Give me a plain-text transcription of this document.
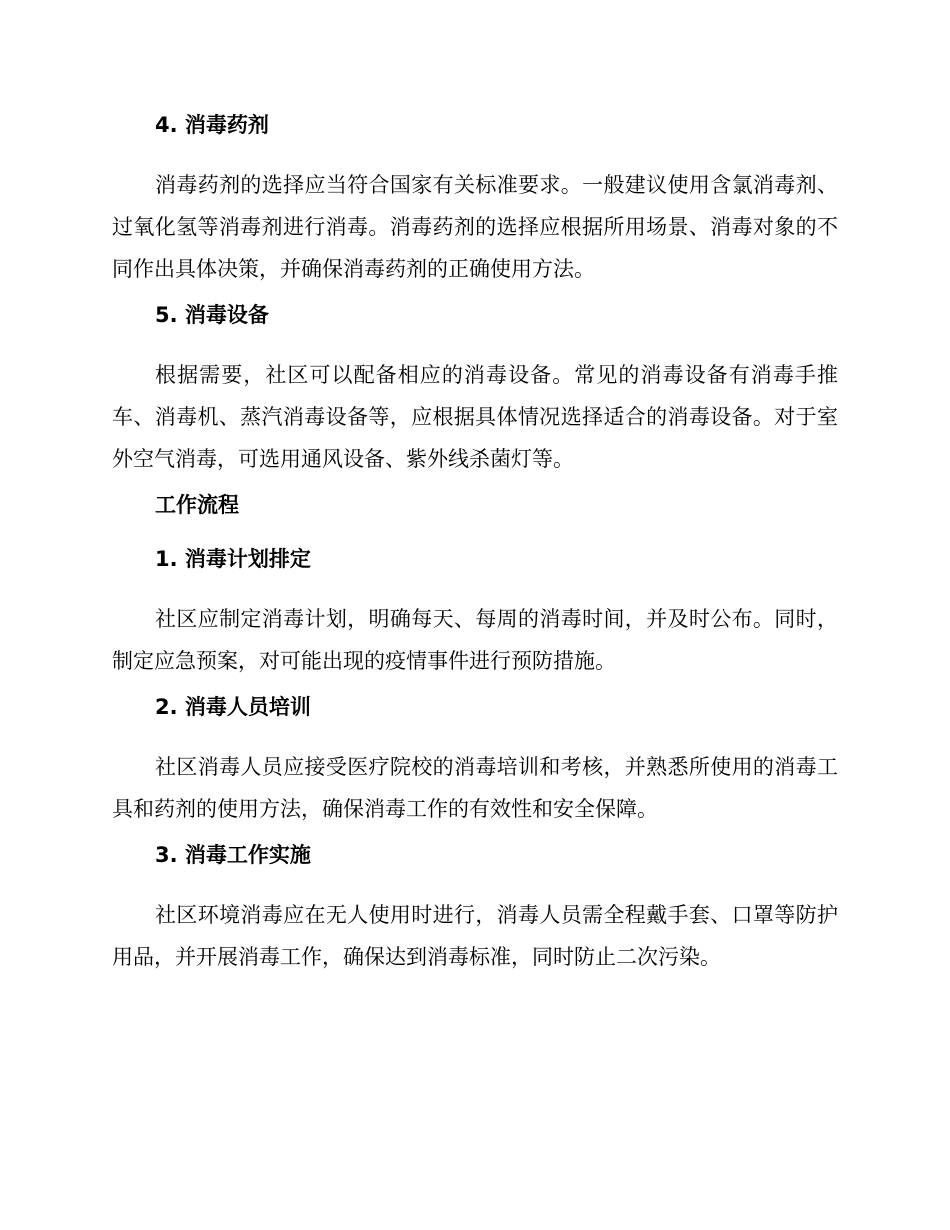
4. 消毒药剂
消毒药剂的选择应当符合国家有关标准要求。一般建议使用含氯消毒剂、过氧化氢等消毒剂进行消毒。消毒药剂的选择应根据所用场景、消毒对象的不同作出具体决策，并确保消毒药剂的正确使用方法。
5. 消毒设备
根据需要，社区可以配备相应的消毒设备。常见的消毒设备有消毒手推车、消毒机、蒸汽消毒设备等，应根据具体情况选择适合的消毒设备。对于室外空气消毒，可选用通风设备、紫外线杀菌灯等。
工作流程
1. 消毒计划排定
社区应制定消毒计划，明确每天、每周的消毒时间，并及时公布。同时，制定应急预案，对可能出现的疫情事件进行预防措施。
2. 消毒人员培训
社区消毒人员应接受医疗院校的消毒培训和考核，并熟悉所使用的消毒工具和药剂的使用方法，确保消毒工作的有效性和安全保障。
3. 消毒工作实施
社区环境消毒应在无人使用时进行，消毒人员需全程戴手套、口罩等防护用品，并开展消毒工作，确保达到消毒标准，同时防止二次污染。
